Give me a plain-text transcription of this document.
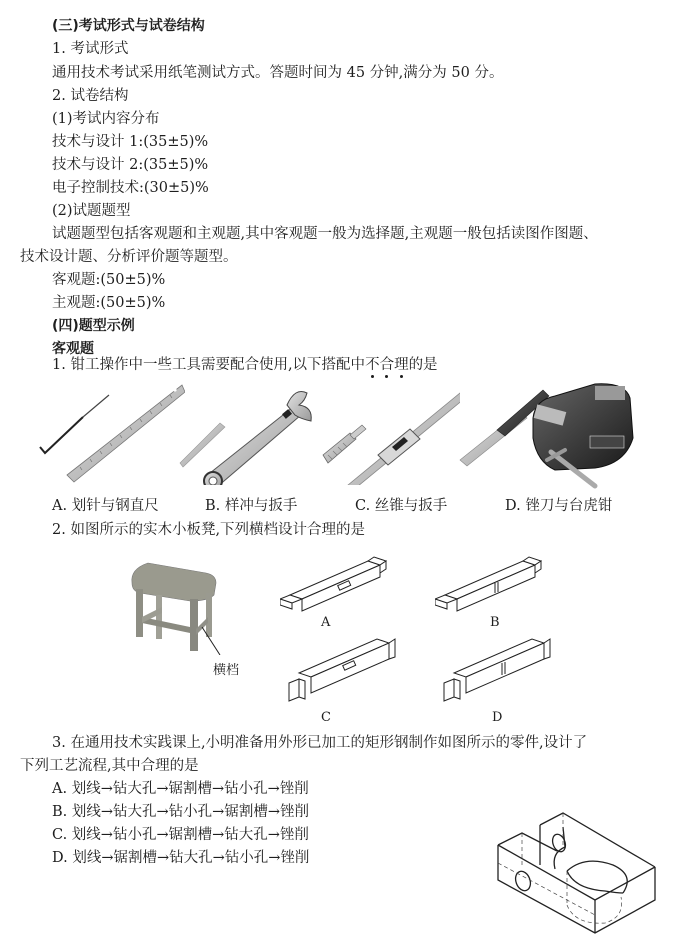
(三)考试形式与试卷结构
1. 考试形式
通用技术考试采用纸笔测试方式。答题时间为 45 分钟,满分为 50 分。
2. 试卷结构
(1)考试内容分布
技术与设计 1:(35±5)%
技术与设计 2:(35±5)%
电子控制技术:(30±5)%
(2)试题题型
试题题型包括客观题和主观题,其中客观题一般为选择题,主观题一般包括读图作图题、
技术设计题、分析评价题等题型。
客观题:(50±5)%
主观题:(50±5)%
(四)题型示例
客观题
1. 钳工操作中一些工具需要配合使用,以下搭配中不合理的是
A. 划针与钢直尺	B. 样冲与扳手	C. 丝锥与扳手	D. 锉刀与台虎钳
2. 如图所示的实木小板凳,下列横档设计合理的是
横档
A	B
C	D
3. 在通用技术实践课上,小明准备用外形已加工的矩形钢制作如图所示的零件,设计了
下列工艺流程,其中合理的是
A. 划线→钻大孔→锯割槽→钻小孔→锉削
B. 划线→钻大孔→钻小孔→锯割槽→锉削
C. 划线→钻小孔→锯割槽→钻大孔→锉削
D. 划线→锯割槽→钻大孔→钻小孔→锉削
